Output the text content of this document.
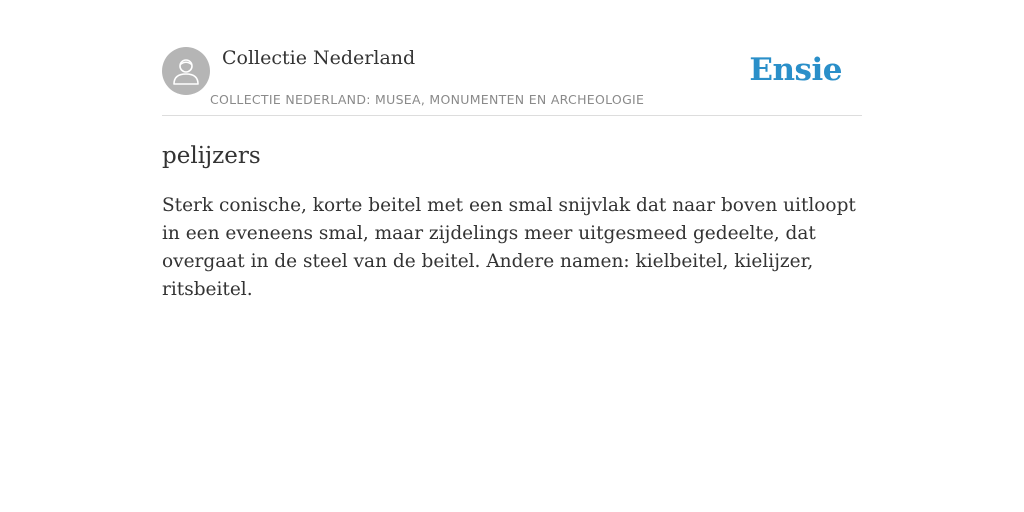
Collectie Nederland
COLLECTIE NEDERLAND: MUSEA, MONUMENTEN EN ARCHEOLOGIE
Ensie
pelijzers

Sterk conische, korte beitel met een smal snijvlak dat naar boven uitloopt in een eveneens smal, maar zijdelings meer uitgesmeed gedeelte, dat overgaat in de steel van de beitel. Andere namen: kielbeitel, kielijzer, ritsbeitel.
